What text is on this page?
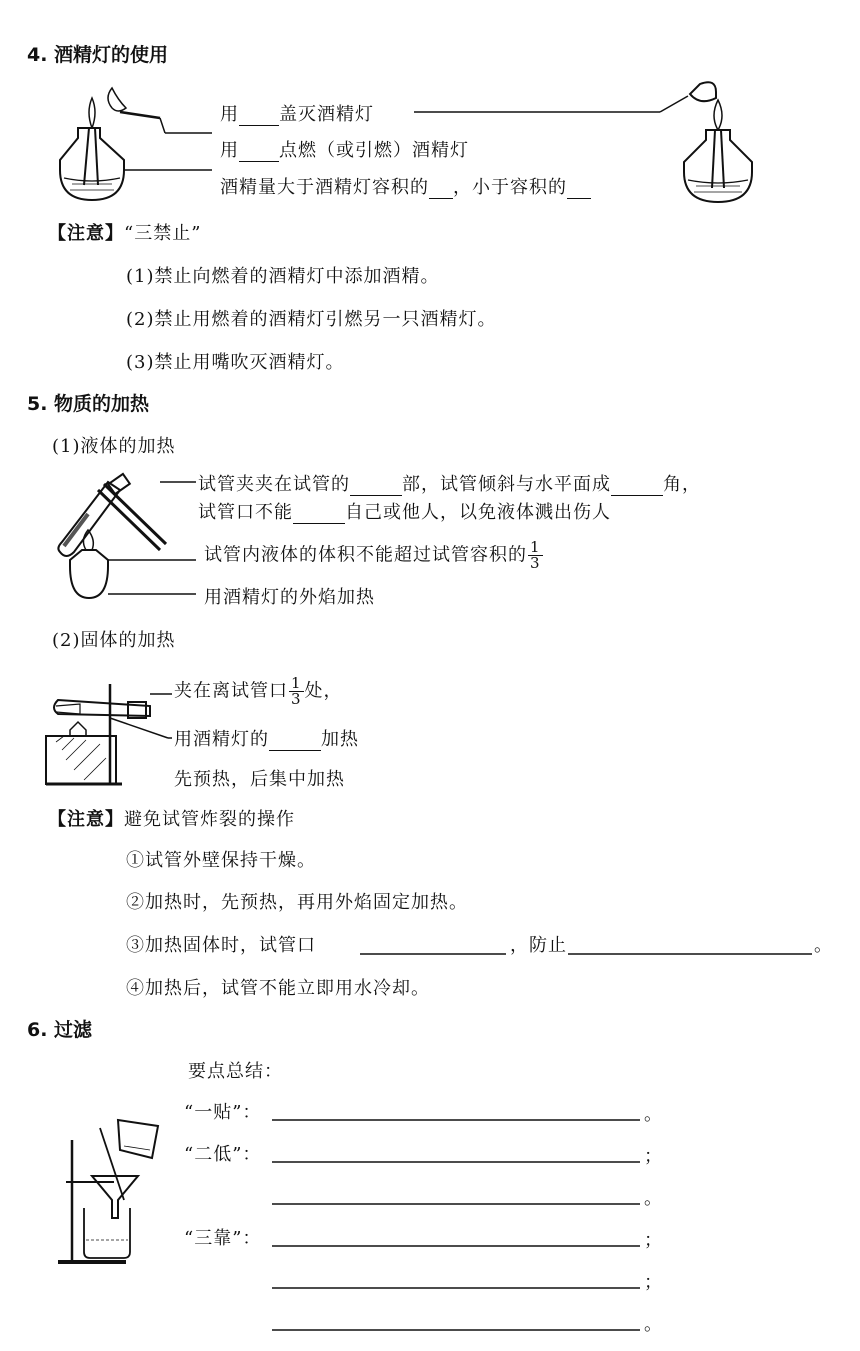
4. 酒精灯的使用
用 盖灭酒精灯
用 点燃（或引燃）酒精灯
酒精量大于酒精灯容积的 ，小于容积的
【注意】“三禁止”
(1)禁止向燃着的酒精灯中添加酒精。
(2)禁止用燃着的酒精灯引燃另一只酒精灯。
(3)禁止用嘴吹灭酒精灯。
5. 物质的加热
(1)液体的加热
试管夹夹在试管的	部，试管倾斜与水平面成	角，
试管口不能	自己或他人，以免液体溅出伤人
试管内液体的体积不能超过试管容积的 $\frac{1}{3}$
用酒精灯的外焰加热
(2)固体的加热
夹在离试管口 $\frac{1}{3}$ 处，
用酒精灯的	加热
先预热，后集中加热
【注意】避免试管炸裂的操作
①试管外壁保持干燥。
②加热时，先预热，再用外焰固定加热。
③加热固体时，试管口	，防止	。
④加热后，试管不能立即用水冷却。
6. 过滤
要点总结：
“一贴”：	。
“二低”：	；
。
“三靠”：	；
；
。
